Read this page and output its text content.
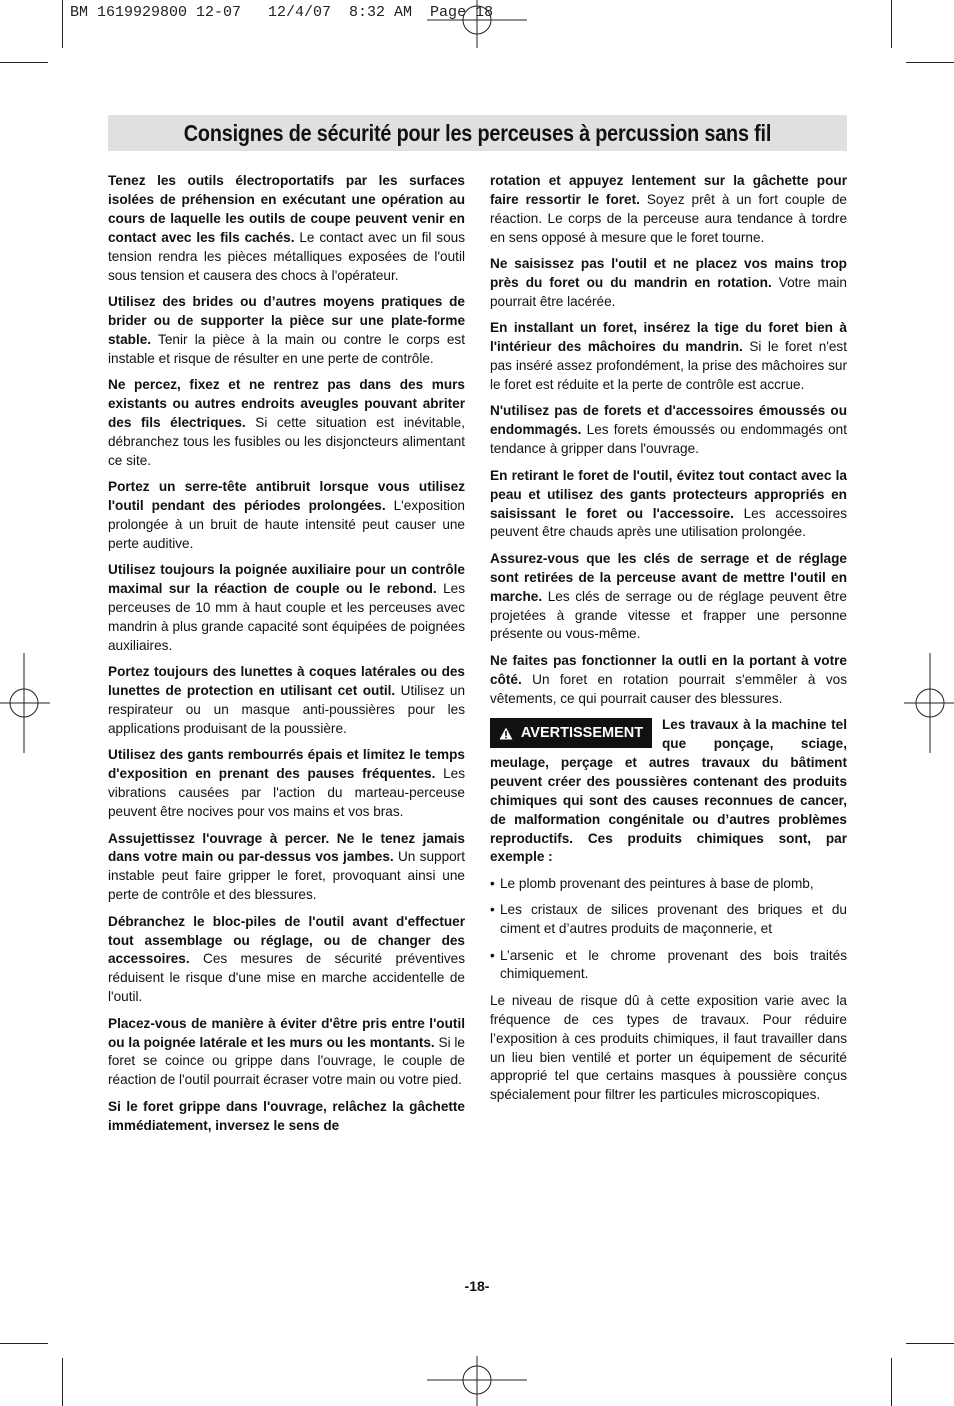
BM 1619929800 12-07   12/4/07  8:32 AM  Page 18
Consignes de sécurité pour les perceuses à percussion sans fil

Tenez les outils électroportatifs par les surfaces isolées de préhension en exécutant une opération au cours de laquelle les outils de coupe peuvent venir en contact avec les fils cachés. Le contact avec un fil sous tension rendra les pièces métalliques exposées de l'outil sous tension et causera des chocs à l'opérateur.

Utilisez des brides ou d’autres moyens pratiques de brider ou de supporter la pièce sur une plate-forme stable. Tenir la pièce à la main ou contre le corps est instable et risque de résulter en une perte de contrôle.

Ne percez, fixez et ne rentrez pas dans des murs existants ou autres endroits aveugles pouvant abriter des fils électriques. Si cette situation est inévitable, débranchez tous les fusibles ou les disjoncteurs alimentant ce site.

Portez un serre-tête antibruit lorsque vous utilisez l'outil pendant des périodes prolongées. L'exposition prolongée à un bruit de haute intensité peut causer une perte auditive.

Utilisez toujours la poignée auxiliaire pour un contrôle maximal sur la réaction de couple ou le rebond. Les perceuses de 10 mm à haut couple et les perceuses avec mandrin à plus grande capacité sont équipées de poignées auxiliaires.

Portez toujours des lunettes à coques latérales ou des lunettes de protection en utilisant cet outil. Utilisez un respirateur ou un masque anti-poussières pour les applications produisant de la poussière.

Utilisez des gants rembourrés épais et limitez le temps d'exposition en prenant des pauses fréquentes. Les vibrations causées par l'action du marteau-perceuse peuvent être nocives pour vos mains et vos bras.

Assujettissez l'ouvrage à percer. Ne le tenez jamais dans votre main ou par-dessus vos jambes. Un support instable peut faire gripper le foret, provoquant ainsi une perte de contrôle et des blessures.

Débranchez le bloc-piles de l'outil avant d'effectuer tout assemblage ou réglage, ou de changer des accessoires. Ces mesures de sécurité préventives réduisent le risque d'une mise en marche accidentelle de l'outil.

Placez-vous de manière à éviter d'être pris entre l'outil ou la poignée latérale et les murs ou les montants. Si le foret se coince ou grippe dans l'ouvrage, le couple de réaction de l'outil pourrait écraser votre main ou votre pied.

Si le foret grippe dans l'ouvrage, relâchez la gâchette immédiatement, inversez le sens de

rotation et appuyez lentement sur la gâchette pour faire ressortir le foret. Soyez prêt à un fort couple de réaction. Le corps de la perceuse aura tendance à tordre en sens opposé à mesure que le foret tourne.

Ne saisissez pas l'outil et ne placez vos mains trop près du foret ou du mandrin en rotation. Votre main pourrait être lacérée.

En installant un foret, insérez la tige du foret bien à l'intérieur des mâchoires du mandrin. Si le foret n'est pas inséré assez profondément, la prise des mâchoires sur le foret est réduite et la perte de contrôle est accrue.

N'utilisez pas de forets et d'accessoires émoussés ou endommagés. Les forets émoussés ou endommagés ont tendance à gripper dans l'ouvrage.

En retirant le foret de l'outil, évitez tout contact avec la peau et utilisez des gants protecteurs appropriés en saisissant le foret ou l'accessoire. Les accessoires peuvent être chauds après une utilisation prolongée.

Assurez-vous que les clés de serrage et de réglage sont retirées de la perceuse avant de mettre l'outil en marche. Les clés de serrage ou de réglage peuvent être projetées à grande vitesse et frapper une personne présente ou vous-même.

Ne faites pas fonctionner la outli en la portant à votre côté. Un foret en rotation pourrait s'emmêler à vos vêtements, ce qui pourrait causer des blessures.

AVERTISSEMENT

Les travaux à la machine tel que ponçage, sciage, meulage, perçage et autres travaux du bâtiment peuvent créer des poussières contenant des produits chimiques qui sont des causes reconnues de cancer, de malformation congénitale ou d’autres problèmes reproductifs. Ces produits chimiques sont, par exemple :

• Le plomb provenant des peintures à base de plomb,
• Les cristaux de silices provenant des briques et du ciment et d’autres produits de maçonnerie, et
• L’arsenic et le chrome provenant des bois traités chimiquement.

Le niveau de risque dû à cette exposition varie avec la fréquence de ces types de travaux. Pour réduire l’exposition à ces produits chimiques, il faut travailler dans un lieu bien ventilé et porter un équipement de sécurité approprié tel que certains masques à poussière conçus spécialement pour filtrer les particules microscopiques.

-18-
